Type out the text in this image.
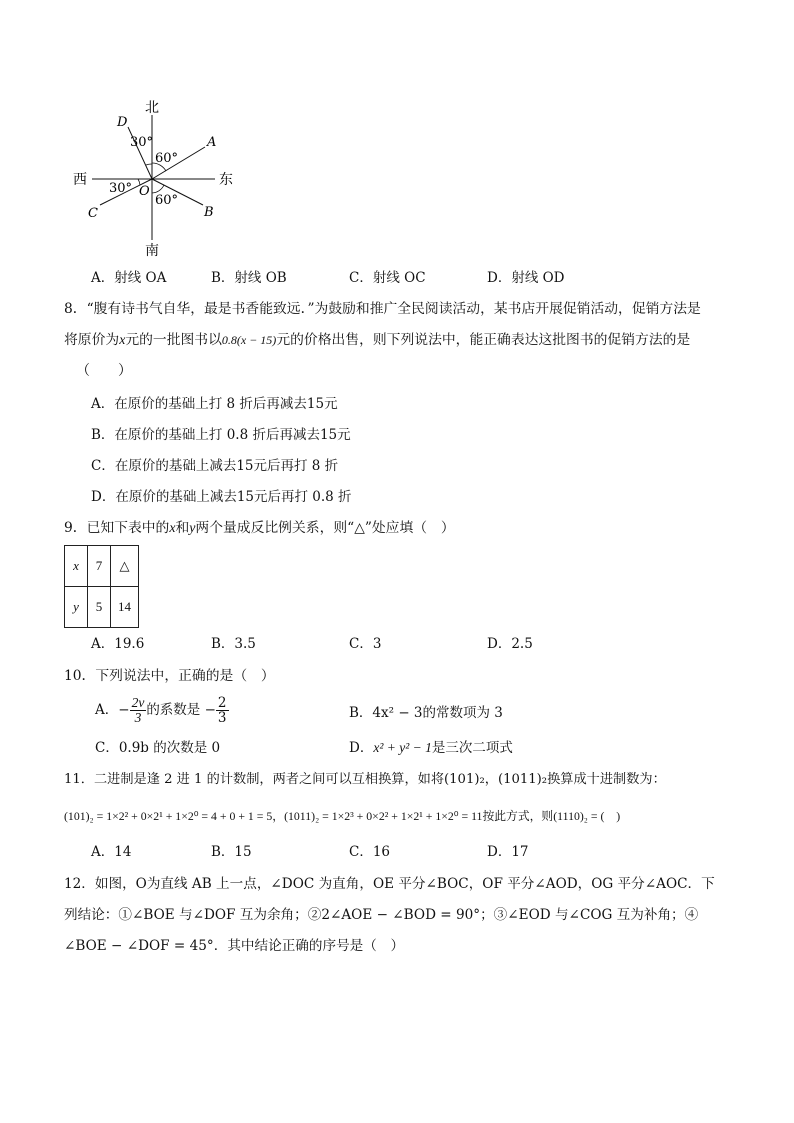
北
南
西	东
D
A
C	B
O
30°
60°
30°
60°
A．射线 OA	B．射线 OB	C．射线 OC	D．射线 OD
8．“腹有诗书气自华，最是书香能致远．”为鼓励和推广全民阅读活动，某书店开展促销活动，促销方法是
将原价为x元的一批图书以0.8(x − 15)元的价格出售，则下列说法中，能正确表达这批图书的促销方法的是
（　　）
A．在原价的基础上打 8 折后再减去15元
B．在原价的基础上打 0.8 折后再减去15元
C．在原价的基础上减去15元后再打 8 折
D．在原价的基础上减去15元后再打 0.8 折
9．已知下表中的x和y两个量成反比例关系，则“△”处应填（　）
x	7	△
y	5	14
A．19.6	B．3.5	C．3	D．2.5
10．下列说法中，正确的是（　）
A．− $\frac{2v}{3}$ 的系数是 − $\frac{2}{3}$	B．4x² − 3的常数项为 3
C．0.9b 的次数是 0	D．x² + y² − 1是三次二项式
11．二进制是逢 2 进 1 的计数制，两者之间可以互相换算，如将(101)₂，(1011)₂换算成十进制数为：
(101)₂ = 1×2² + 0×2¹ + 1×2⁰ = 4 + 0 + 1 = 5，(1011)₂ = 1×2³ + 0×2² + 1×2¹ + 1×2⁰ = 11按此方式，则(1110)₂ = (　)
A．14	B．15	C．16	D．17
12．如图，O为直线 AB 上一点，∠DOC 为直角，OE 平分∠BOC，OF 平分∠AOD，OG 平分∠AOC．下
列结论：①∠BOE 与∠DOF 互为余角；②2∠AOE − ∠BOD = 90°；③∠EOD 与∠COG 互为补角；④
∠BOE − ∠DOF = 45°．其中结论正确的序号是（　）
